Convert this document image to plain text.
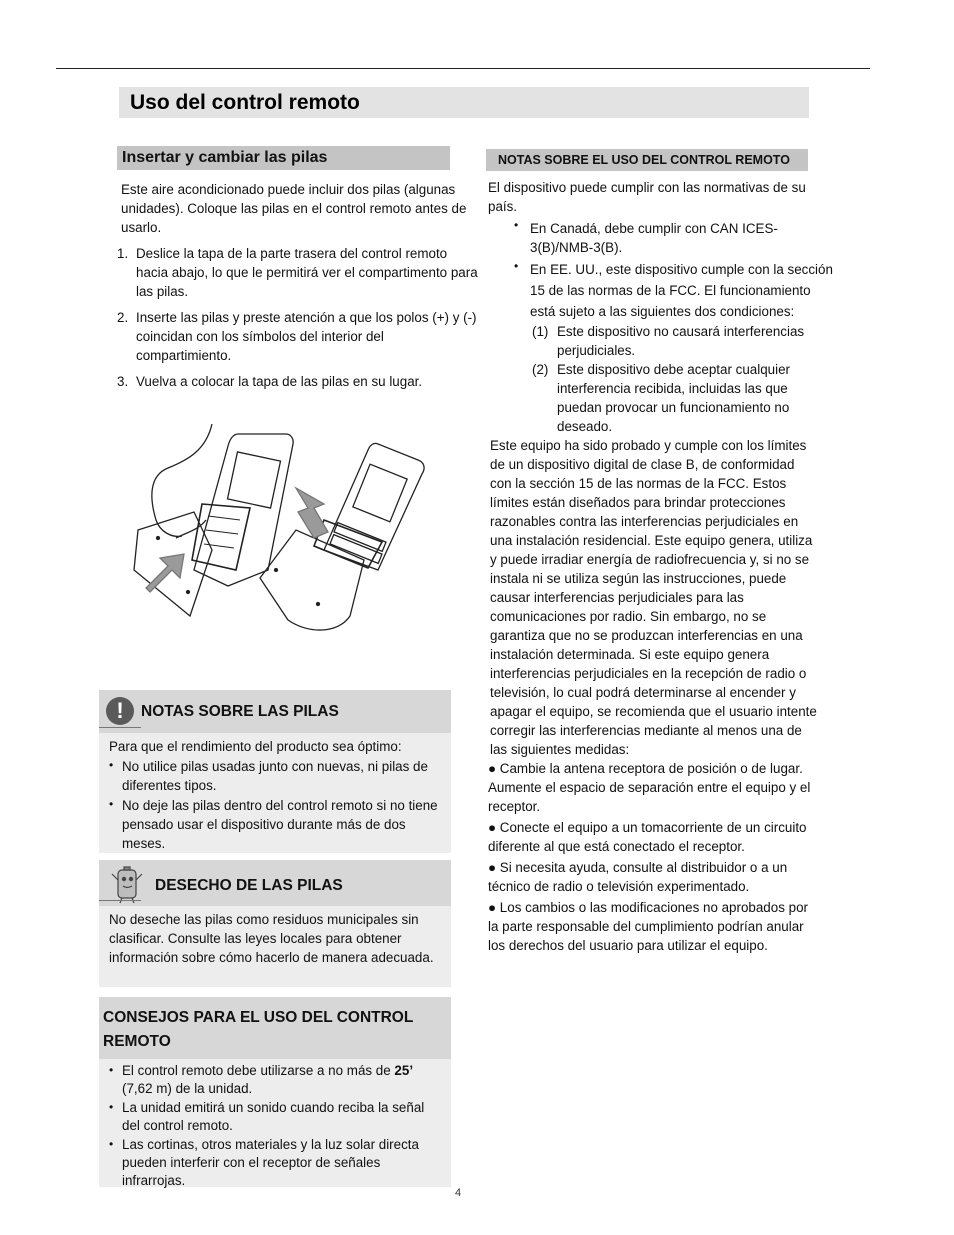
Uso del control remoto
Insertar y cambiar las pilas

Este aire acondicionado puede incluir dos pilas (algunas unidades). Coloque las pilas en el control remoto antes de usarlo.

1. Deslice la tapa de la parte trasera del control remoto hacia abajo, lo que le permitirá ver el compartimento para las pilas.
2. Inserte las pilas y preste atención a que los polos (+) y (-) coincidan con los símbolos del interior del compartimiento.
3. Vuelva a colocar la tapa de las pilas en su lugar.
!	NOTAS SOBRE LAS PILAS

Para que el rendimiento del producto sea óptimo:

• No utilice pilas usadas junto con nuevas, ni pilas de diferentes tipos.
• No deje las pilas dentro del control remoto si no tiene pensado usar el dispositivo durante más de dos meses.
DESECHO DE LAS PILAS

No deseche las pilas como residuos municipales sin clasificar. Consulte las leyes locales para obtener información sobre cómo hacerlo de manera adecuada.

CONSEJOS PARA EL USO DEL CONTROL
REMOTO
• El control remoto debe utilizarse a no más de 25’ (7,62 m) de la unidad.
• La unidad emitirá un sonido cuando reciba la señal del control remoto.
• Las cortinas, otros materiales y la luz solar directa pueden interferir con el receptor de señales infrarrojas.
4
NOTAS SOBRE EL USO DEL CONTROL REMOTO

El dispositivo puede cumplir con las normativas de su país.

• En Canadá, debe cumplir con CAN ICES-3(B)/NMB-3(B).

• En EE. UU., este dispositivo cumple con la sección 15 de las normas de la FCC. El funcionamiento está sujeto a las siguientes dos condiciones:

(1) Este dispositivo no causará interferencias perjudiciales.

(2) Este dispositivo debe aceptar cualquier interferencia recibida, incluidas las que puedan provocar un funcionamiento no deseado.

Este equipo ha sido probado y cumple con los límites de un dispositivo digital de clase B, de conformidad con la sección 15 de las normas de la FCC. Estos límites están diseñados para brindar protecciones razonables contra las interferencias perjudiciales en una instalación residencial. Este equipo genera, utiliza y puede irradiar energía de radiofrecuencia y, si no se instala ni se utiliza según las instrucciones, puede causar interferencias perjudiciales para las comunicaciones por radio. Sin embargo, no se garantiza que no se produzcan interferencias en una instalación determinada. Si este equipo genera interferencias perjudiciales en la recepción de radio o televisión, lo cual podrá determinarse al encender y apagar el equipo, se recomienda que el usuario intente corregir las interferencias mediante al menos una de las siguientes medidas:

● Cambie la antena receptora de posición o de lugar. Aumente el espacio de separación entre el equipo y el receptor.

● Conecte el equipo a un tomacorriente de un circuito diferente al que está conectado el receptor.

● Si necesita ayuda, consulte al distribuidor o a un técnico de radio o televisión experimentado.

● Los cambios o las modificaciones no aprobados por la parte responsable del cumplimiento podrían anular los derechos del usuario para utilizar el equipo.
